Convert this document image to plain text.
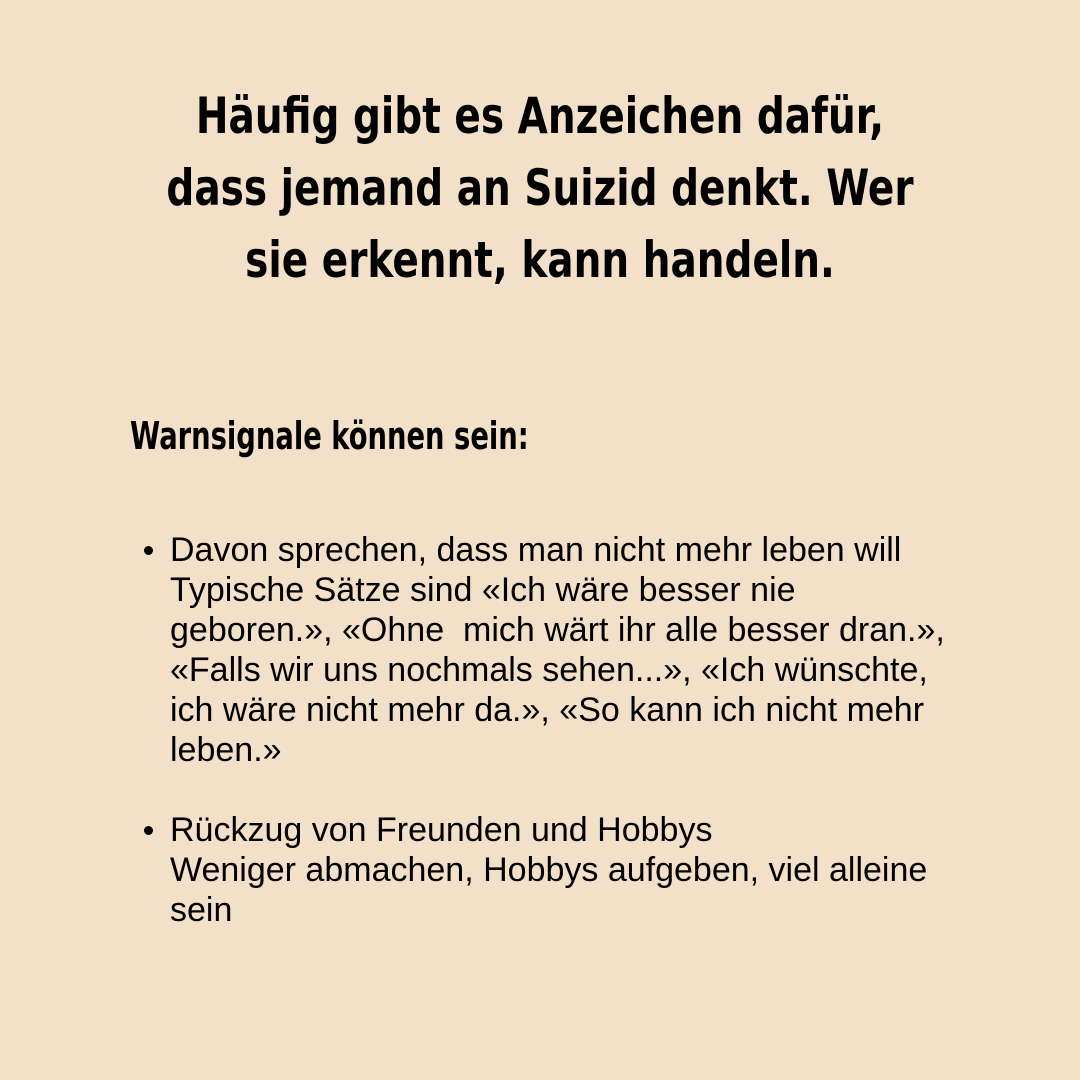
Häufig gibt es Anzeichen dafür,
dass jemand an Suizid denkt. Wer
sie erkennt, kann handeln.
Warnsignale können sein:
Davon sprechen, dass man nicht mehr leben will
Typische Sätze sind «Ich wäre besser nie geboren.», «Ohne  mich wärt ihr alle besser dran.», «Falls wir uns nochmals sehen...», «Ich wünschte, ich wäre nicht mehr da.», «So kann ich nicht mehr leben.»
Rückzug von Freunden und Hobbys
Weniger abmachen, Hobbys aufgeben, viel alleine sein
